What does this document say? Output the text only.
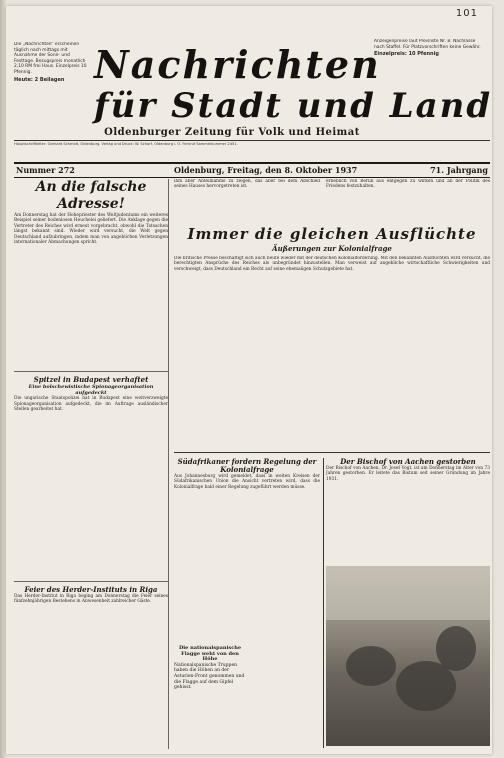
101
Die „Nachrichten“ erscheinen täglich nach mittags mit Ausnahme der Sonn- und Festtage. Bezugspreis monatlich 2,10 RM frei Haus. Einzelpreis 10 Pfennig.
Heute: 2 Beilagen Nachrichten
für Stadt und Land
Oldenburger Zeitung für Volk und Heimat
Anzeigenpreise laut Preisliste Nr. 8. Nachlässe nach Staffel. Für Platzvorschriften keine Gewähr.
Einzelpreis: 10 Pfennig
Hauptschriftleiter: Gerhard Schmidt, Oldenburg. Verlag und Druck: W. Scharf, Oldenburg i. O. Fernruf Sammelnummer 2451.
Nummer 272	Oldenburg, Freitag, den 8. Oktober 1937	71. Jahrgang
An die falsche Adresse!
Am Donnerstag hat der Hohepriester des Weltjudentums ein weiteres Beispiel seiner bodenlosen Heuchelei geliefert. Die Anklage gegen die Vertreter des Reiches wird erneut vorgebracht, obwohl die Tatsachen längst bekannt sind. Wieder wird versucht, die Welt gegen Deutschland aufzubringen, indem man von angeblichen Verletzungen internationaler Abmachungen spricht.
Spitzel in Budapest verhaftet
Eine bolschewistische Spionageorganisation aufgedeckt
Die ungarische Staatspolizei hat in Budapest eine weitverzweigte Spionageorganisation aufgedeckt, die im Auftrage ausländischer Stellen gearbeitet hat.
Feier des Herder-Instituts in Riga
Das Herder-Institut in Riga beging am Donnerstag die Feier seines fünfzehnjährigen Bestehens in Anwesenheit zahlreicher Gäste.
ihm aber Anteilnahme zu zeigen, das aber bei dem Abschied seines Hauses hervorgetreten ist.
erheblich von Berlin aus entgegen zu wirken und an der Politik des Friedens festzuhalten.
Immer die gleichen Ausflüchte
Äußerungen zur Kolonialfrage
Die britische Presse beschäftigt sich auch heute wieder mit der deutschen Kolonialforderung. Mit den bekannten Ausflüchten wird versucht, die berechtigten Ansprüche des Reiches als unbegründet hinzustellen. Man verweist auf angebliche wirtschaftliche Schwierigkeiten und verschweigt, dass Deutschland ein Recht auf seine ehemaligen Schutzgebiete hat.
Südafrikaner fordern Regelung der Kolonialfrage
Aus Johannesburg wird gemeldet, dass in weiten Kreisen der Südafrikanischen Union die Ansicht vertreten wird, dass die Kolonialfrage bald einer Regelung zugeführt werden müsse.
Der Bischof von Aachen gestorben
Der Bischof von Aachen, Dr. Josef Vogt, ist am Donnerstag im Alter von 73 Jahren gestorben. Er leitete das Bistum seit seiner Gründung im Jahre 1931.
Die nationalspanische Flagge weht von den Höhe
Nationalspanische Truppen haben die Höhen an der Asturien-Front genommen und die Flagge auf dem Gipfel gehisst.
